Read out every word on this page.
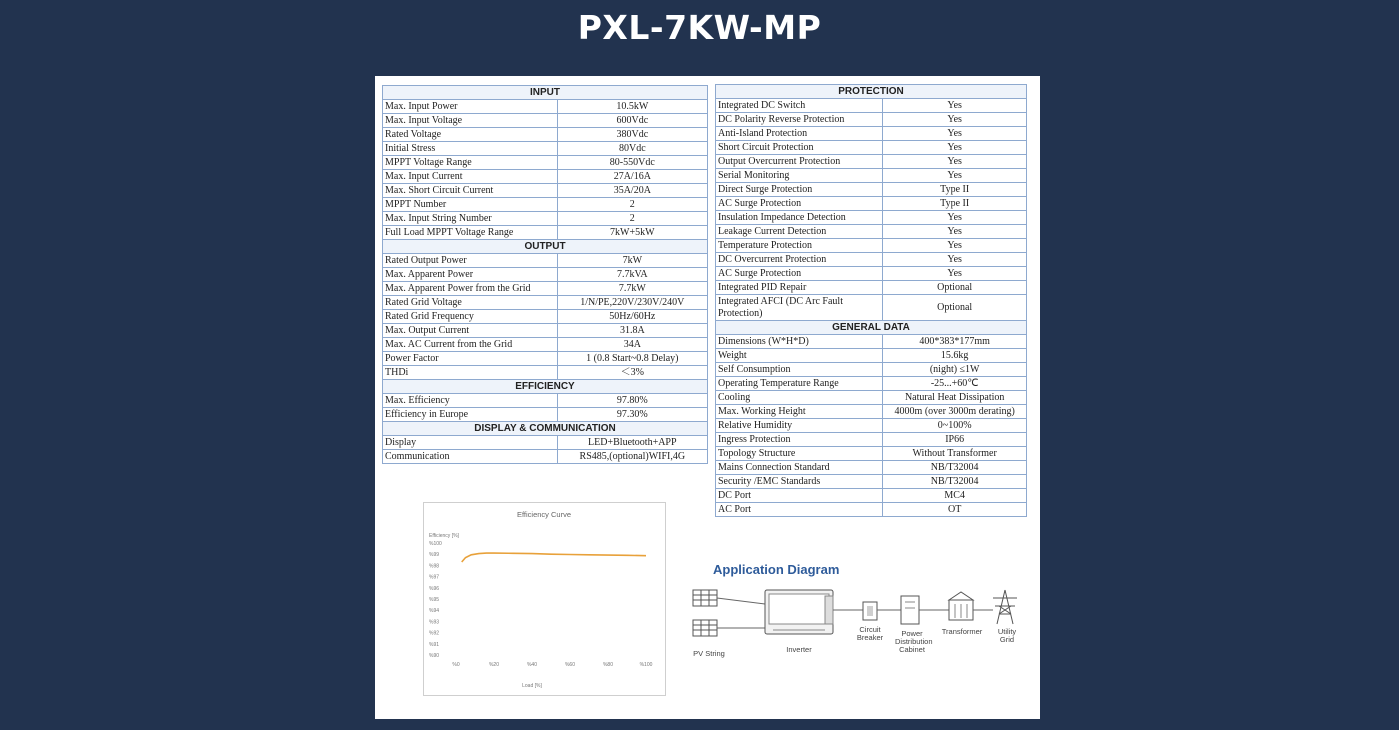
PXL-7KW-MP
INPUT	
Max. Input Power	10.5kW
Max. Input Voltage	600Vdc
Rated Voltage	380Vdc
Initial Stress	80Vdc
MPPT Voltage Range	80-550Vdc
Max. Input Current	27A/16A
Max. Short Circuit Current	35A/20A
MPPT Number	2
Max. Input String Number	2
Full Load MPPT Voltage Range	7kW+5kW
OUTPUT	
Rated Output Power	7kW
Max. Apparent Power	7.7kVA
Max. Apparent Power from the Grid	7.7kW
Rated Grid Voltage	1/N/PE,220V/230V/240V
Rated Grid Frequency	50Hz/60Hz
Max. Output Current	31.8A
Max. AC Current from the Grid	34A
Power Factor	1 (0.8 Start~0.8 Delay)
THDi	＜3%
EFFICIENCY	
Max. Efficiency	97.80%
Efficiency in Europe	97.30%
DISPLAY & COMMUNICATION	
Display	LED+Bluetooth+APP
Communication	RS485,(optional)WIFI,4G
PROTECTION	
Integrated DC Switch	Yes
DC Polarity Reverse Protection	Yes
Anti-Island Protection	Yes
Short Circuit Protection	Yes
Output Overcurrent Protection	Yes
Serial Monitoring	Yes
Direct Surge Protection	Type II
AC Surge Protection	Type II
Insulation Impedance Detection	Yes
Leakage Current Detection	Yes
Temperature Protection	Yes
DC Overcurrent Protection	Yes
AC Surge Protection	Yes
Integrated PID Repair	Optional
Integrated AFCI (DC Arc Fault Protection)	Optional
GENERAL DATA	
Dimensions (W*H*D)	400*383*177mm
Weight	15.6kg
Self Consumption	(night) ≤1W
Operating Temperature Range	-25...+60℃
Cooling	Natural Heat Dissipation
Max. Working Height	4000m (over 3000m derating)
Relative Humidity	0~100%
Ingress Protection	IP66
Topology Structure	Without Transformer
Mains Connection Standard	NB/T32004
Security /EMC Standards	NB/T32004
DC Port	MC4
AC Port	OT
Efficiency Curve
Efficiency [%]
%100
%99
%98
%97
%96
%95
%94
%93
%92
%91
%90
%0	%20	%40	%60	%80	%100
Load [%]
Application Diagram
PV String	Inverter
Circuit Breaker	Power Distribution Cabinet
Transformer	Utility Grid
